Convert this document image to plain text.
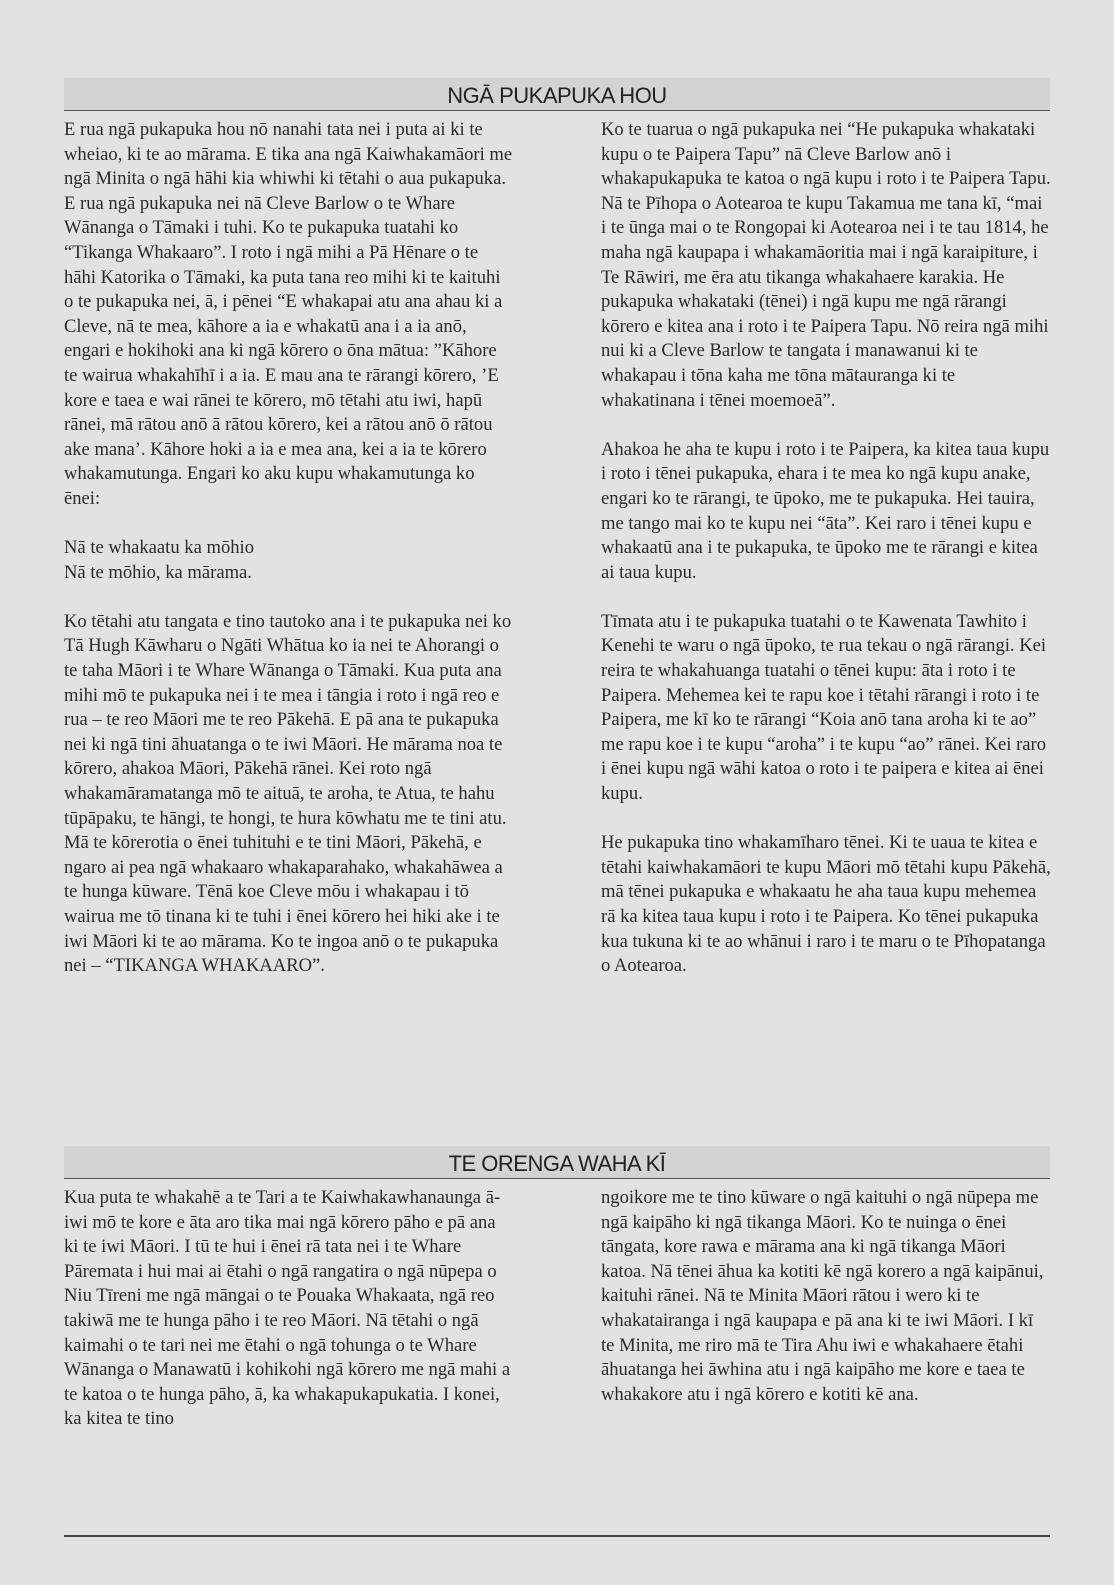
NGĀ PUKAPUKA HOU

E rua ngā pukapuka hou nō nanahi tata nei i puta ai ki te wheiao, ki te ao mārama. E tika ana ngā Kaiwhakamāori me ngā Minita o ngā hāhi kia whiwhi ki tētahi o aua pukapuka. E rua ngā pukapuka nei nā Cleve Barlow o te Whare Wānanga o Tāmaki i tuhi. Ko te pukapuka tuatahi ko “Tikanga Whakaaro”. I roto i ngā mihi a Pā Hēnare o te hāhi Katorika o Tāmaki, ka puta tana reo mihi ki te kaituhi o te pukapuka nei, ā, i pēnei “E whakapai atu ana ahau ki a Cleve, nā te mea, kāhore a ia e whakatū ana i a ia anō, engari e hokihoki ana ki ngā kōrero o ōna mātua: ”Kāhore te wairua whakahīhī i a ia. E mau ana te rārangi kōrero, ’E kore e taea e wai rānei te kōrero, mō tētahi atu iwi, hapū rānei, mā rātou anō ā rātou kōrero, kei a rātou anō ō rātou ake mana’. Kāhore hoki a ia e mea ana, kei a ia te kōrero whakamutunga. Engari ko aku kupu whakamutunga ko ēnei:

Nā te whakaatu ka mōhio

Nā te mōhio, ka mārama.

Ko tētahi atu tangata e tino tautoko ana i te pukapuka nei ko Tā Hugh Kāwharu o Ngāti Whātua ko ia nei te Ahorangi o te taha Māori i te Whare Wānanga o Tāmaki. Kua puta ana mihi mō te pukapuka nei i te mea i tāngia i roto i ngā reo e rua – te reo Māori me te reo Pākehā. E pā ana te pukapuka nei ki ngā tini āhuatanga o te iwi Māori. He mārama noa te kōrero, ahakoa Māori, Pākehā rānei. Kei roto ngā whakamāramatanga mō te aituā, te aroha, te Atua, te hahu tūpāpaku, te hāngi, te hongi, te hura kōwhatu me te tini atu. Mā te kōrerotia o ēnei tuhituhi e te tini Māori, Pākehā, e ngaro ai pea ngā whakaaro whakaparahako, whakahāwea a te hunga kūware. Tēnā koe Cleve mōu i whakapau i tō wairua me tō tinana ki te tuhi i ēnei kōrero hei hiki ake i te iwi Māori ki te ao mārama. Ko te ingoa anō o te pukapuka nei – “TIKANGA WHAKAARO”.

Ko te tuarua o ngā pukapuka nei “He pukapuka whakataki kupu o te Paipera Tapu” nā Cleve Barlow anō i whakapukapuka te katoa o ngā kupu i roto i te Paipera Tapu. Nā te Pīhopa o Aotearoa te kupu Takamua me tana kī, “mai i te ūnga mai o te Rongopai ki Aotearoa nei i te tau 1814, he maha ngā kaupapa i whakamāoritia mai i ngā karaipiture, i Te Rāwiri, me ēra atu tikanga whakahaere karakia. He pukapuka whakataki (tēnei) i ngā kupu me ngā rārangi kōrero e kitea ana i roto i te Paipera Tapu. Nō reira ngā mihi nui ki a Cleve Barlow te tangata i manawanui ki te whakapau i tōna kaha me tōna mātauranga ki te whakatinana i tēnei moemoeā”.

Ahakoa he aha te kupu i roto i te Paipera, ka kitea taua kupu i roto i tēnei pukapuka, ehara i te mea ko ngā kupu anake, engari ko te rārangi, te ūpoko, me te pukapuka. Hei tauira, me tango mai ko te kupu nei “āta”. Kei raro i tēnei kupu e whakaatū ana i te pukapuka, te ūpoko me te rārangi e kitea ai taua kupu.

Tīmata atu i te pukapuka tuatahi o te Kawenata Tawhito i Kenehi te waru o ngā ūpoko, te rua tekau o ngā rārangi. Kei reira te whakahuanga tuatahi o tēnei kupu: āta i roto i te Paipera. Mehemea kei te rapu koe i tētahi rārangi i roto i te Paipera, me kī ko te rārangi “Koia anō tana aroha ki te ao” me rapu koe i te kupu “aroha” i te kupu “ao” rānei. Kei raro i ēnei kupu ngā wāhi katoa o roto i te paipera e kitea ai ēnei kupu.

He pukapuka tino whakamīharo tēnei. Ki te uaua te kitea e tētahi kaiwhakamāori te kupu Māori mō tētahi kupu Pākehā, mā tēnei pukapuka e whakaatu he aha taua kupu mehemea rā ka kitea taua kupu i roto i te Paipera. Ko tēnei pukapuka kua tukuna ki te ao whānui i raro i te maru o te Pīhopatanga o Aotearoa.

TE ORENGA WAHA KĪ

Kua puta te whakahē a te Tari a te Kaiwhakawhanaunga ā-iwi mō te kore e āta aro tika mai ngā kōrero pāho e pā ana ki te iwi Māori. I tū te hui i ēnei rā tata nei i te Whare Pāremata i hui mai ai ētahi o ngā rangatira o ngā nūpepa o Niu Tīreni me ngā māngai o te Pouaka Whakaata, ngā reo takiwā me te hunga pāho i te reo Māori. Nā tētahi o ngā kaimahi o te tari nei me ētahi o ngā tohunga o te Whare Wānanga o Manawatū i kohikohi ngā kōrero me ngā mahi a te katoa o te hunga pāho, ā, ka whakapukapukatia. I konei, ka kitea te tino

ngoikore me te tino kūware o ngā kaituhi o ngā nūpepa me ngā kaipāho ki ngā tikanga Māori. Ko te nuinga o ēnei tāngata, kore rawa e mārama ana ki ngā tikanga Māori katoa. Nā tēnei āhua ka kotiti kē ngā korero a ngā kaipānui, kaituhi rānei. Nā te Minita Māori rātou i wero ki te whakatairanga i ngā kaupapa e pā ana ki te iwi Māori. I kī te Minita, me riro mā te Tira Ahu iwi e whakahaere ētahi āhuatanga hei āwhina atu i ngā kaipāho me kore e taea te whakakore atu i ngā kōrero e kotiti kē ana.
